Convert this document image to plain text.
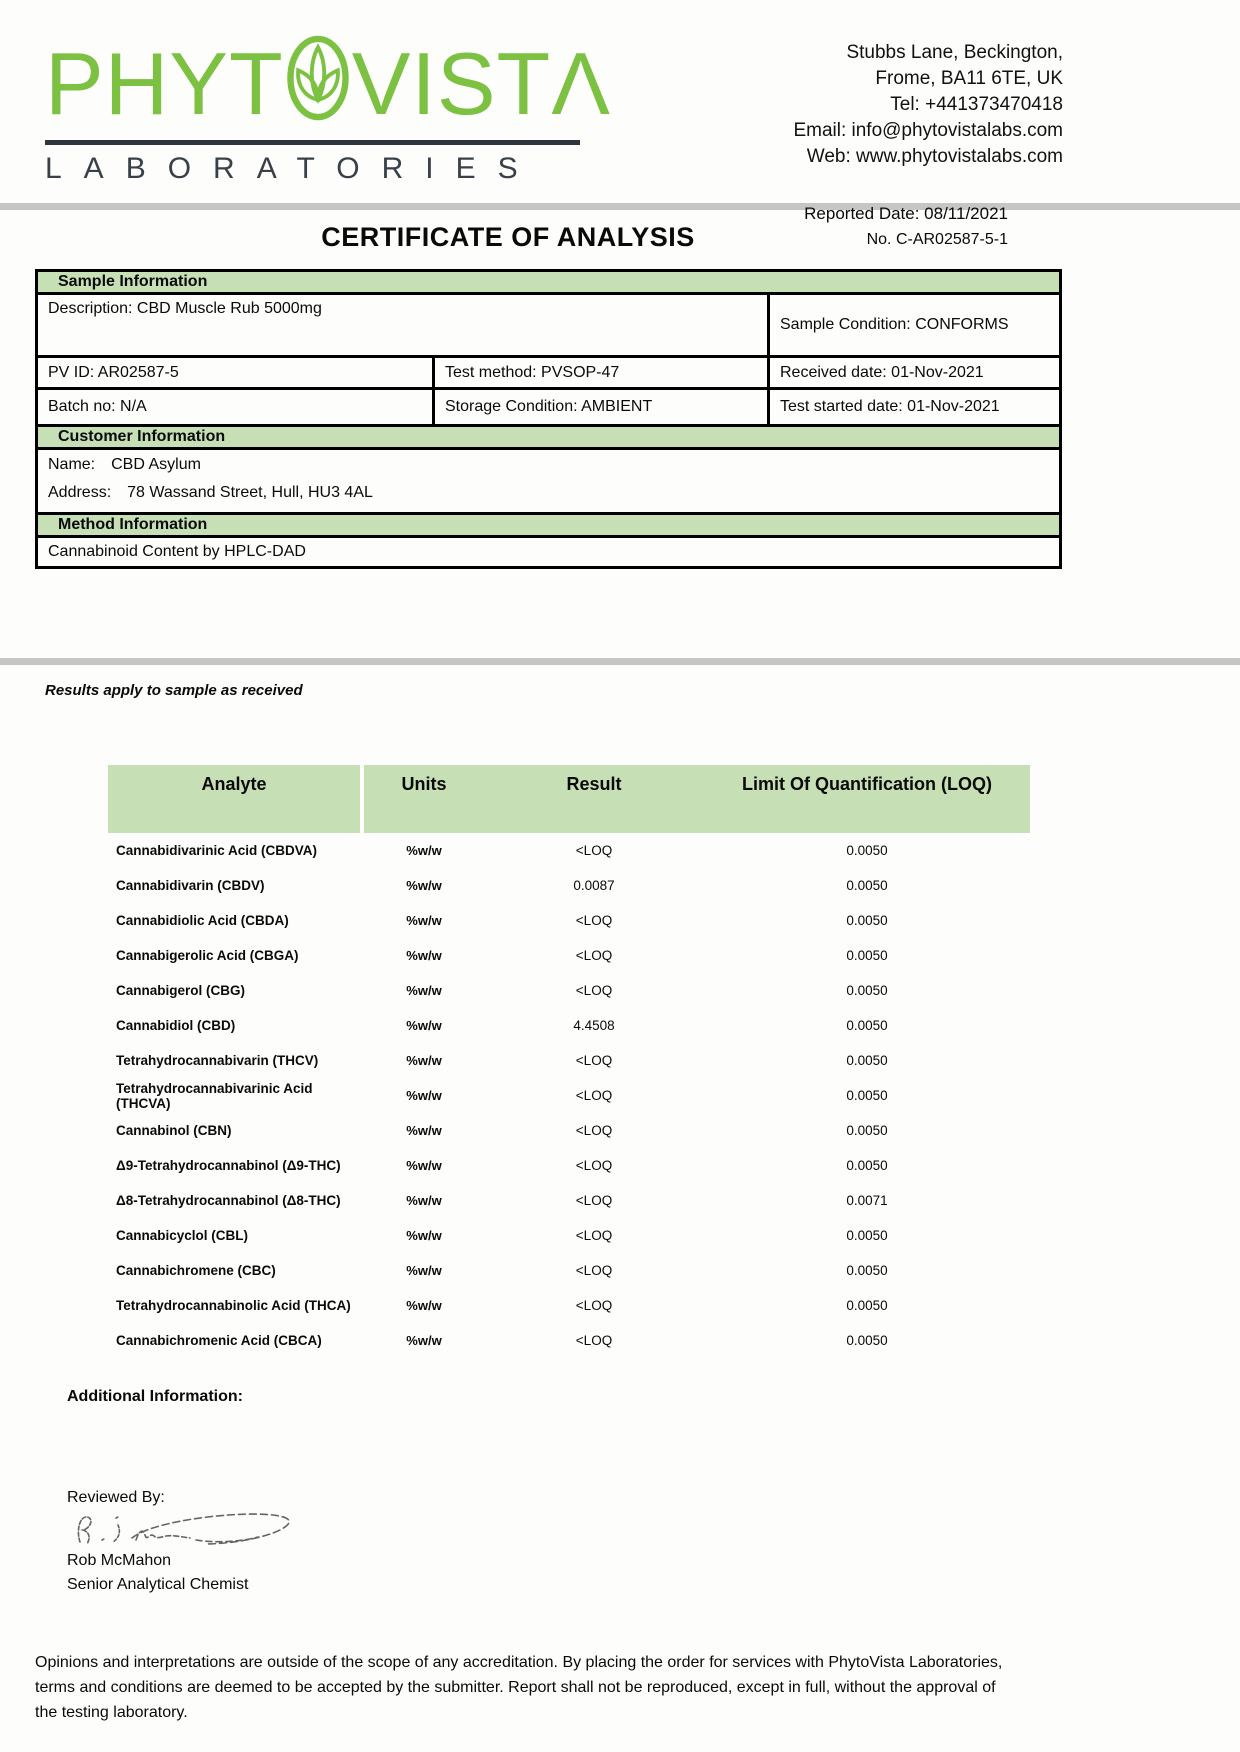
PHYT VISTΛ
LABORATORIES
Stubbs Lane, Beckington,
Frome, BA11 6TE, UK
Tel: +441373470418
Email: info@phytovistalabs.com
Web: www.phytovistalabs.com
Reported Date: 08/11/2021
CERTIFICATE OF ANALYSIS	No. C-AR02587-5-1
Sample Information
Description: CBD Muscle Rub 5000mg
Sample Condition: CONFORMS
PV ID: AR02587-5	Test method: PVSOP-47	Received date: 01-Nov-2021
Batch no: N/A	Storage Condition: AMBIENT	Test started date: 01-Nov-2021
Customer Information
Name: CBD Asylum
Address: 78 Wassand Street, Hull, HU3 4AL
Method Information
Cannabinoid Content by HPLC-DAD
Results apply to sample as received
Analyte	Units	Result	Limit Of Quantification (LOQ)
Cannabidivarinic Acid (CBDVA)	%w/w	<LOQ	0.0050
Cannabidivarin (CBDV)	%w/w	0.0087	0.0050
Cannabidiolic Acid (CBDA)	%w/w	<LOQ	0.0050
Cannabigerolic Acid (CBGA)	%w/w	<LOQ	0.0050
Cannabigerol (CBG)	%w/w	<LOQ	0.0050
Cannabidiol (CBD)	%w/w	4.4508	0.0050
Tetrahydrocannabivarin (THCV)	%w/w	<LOQ	0.0050
Tetrahydrocannabivarinic Acid (THCVA)	%w/w	<LOQ	0.0050
Cannabinol (CBN)	%w/w	<LOQ	0.0050
Δ9-Tetrahydrocannabinol (Δ9-THC)	%w/w	<LOQ	0.0050
Δ8-Tetrahydrocannabinol (Δ8-THC)	%w/w	<LOQ	0.0071
Cannabicyclol (CBL)	%w/w	<LOQ	0.0050
Cannabichromene (CBC)	%w/w	<LOQ	0.0050
Tetrahydrocannabinolic Acid (THCA)	%w/w	<LOQ	0.0050
Cannabichromenic Acid (CBCA)	%w/w	<LOQ	0.0050
Additional Information:
Reviewed By:
Rob McMahon
Senior Analytical Chemist
Opinions and interpretations are outside of the scope of any accreditation. By placing the order for services with PhytoVista Laboratories,
terms and conditions are deemed to be accepted by the submitter. Report shall not be reproduced, except in full, without the approval of
the testing laboratory.
